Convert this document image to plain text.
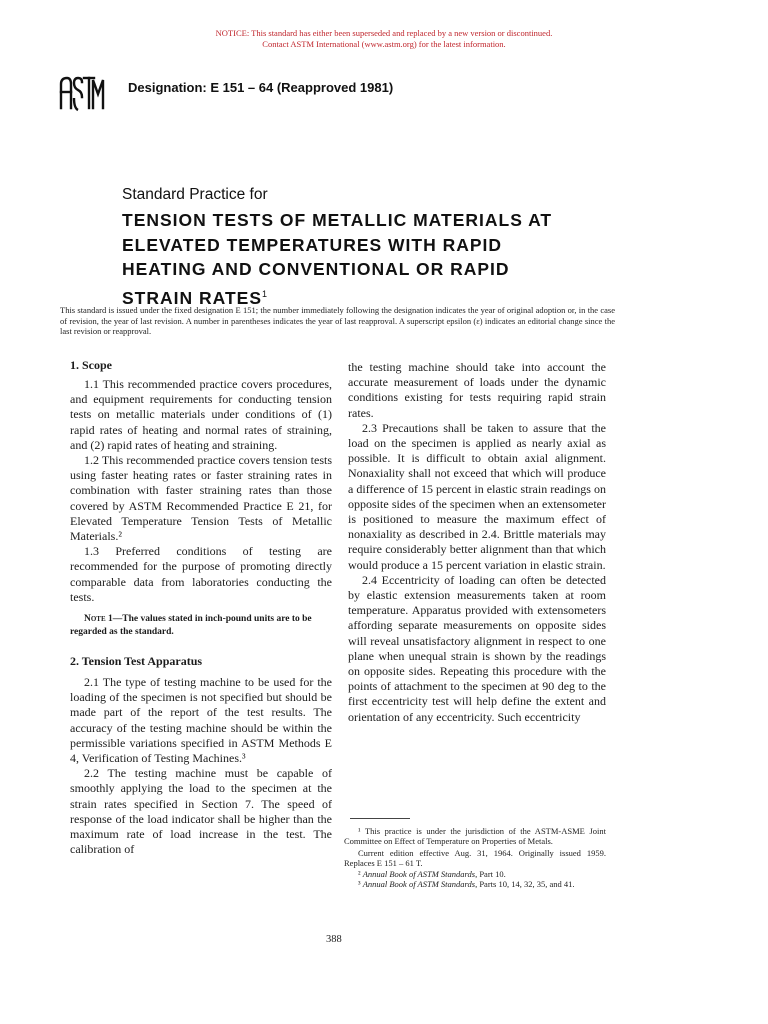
NOTICE: This standard has either been superseded and replaced by a new version or discontinued.
Contact ASTM International (www.astm.org) for the latest information.
Designation: E 151 – 64 (Reapproved 1981)
Standard Practice for
TENSION TESTS OF METALLIC MATERIALS AT
ELEVATED TEMPERATURES WITH RAPID
HEATING AND CONVENTIONAL OR RAPID
STRAIN RATES$^1$
This standard is issued under the fixed designation E 151; the number immediately following the designation indicates the year of original adoption or, in the case of revision, the year of last revision. A number in parentheses indicates the year of last reapproval. A superscript epsilon (ε) indicates an editorial change since the last revision or reapproval.
1. Scope

1.1 This recommended practice covers procedures, and equipment requirements for conducting tension tests on metallic materials under conditions of (1) rapid rates of heating and normal rates of straining, and (2) rapid rates of heating and straining.

1.2 This recommended practice covers tension tests using faster heating rates or faster straining rates in combination with faster straining rates than those covered by ASTM Recommended Practice E 21, for Elevated Temperature Tension Tests of Metallic Materials.²

1.3 Preferred conditions of testing are recommended for the purpose of promoting directly comparable data from laboratories conducting the tests.

Note 1—The values stated in inch-pound units are to be regarded as the standard.

2. Tension Test Apparatus

2.1 The type of testing machine to be used for the loading of the specimen is not specified but should be made part of the report of the test results. The accuracy of the testing machine should be within the permissible variations specified in ASTM Methods E 4, Verification of Testing Machines.³

2.2 The testing machine must be capable of smoothly applying the load to the specimen at the strain rates specified in Section 7. The speed of response of the load indicator shall be higher than the maximum rate of load increase in the test. The calibration of

the testing machine should take into account the accurate measurement of loads under the dynamic conditions existing for tests requiring rapid strain rates.

2.3 Precautions shall be taken to assure that the load on the specimen is applied as nearly axial as possible. It is difficult to obtain axial alignment. Nonaxiality shall not exceed that which will produce a difference of 15 percent in elastic strain readings on opposite sides of the specimen when an extensometer is positioned to measure the maximum effect of nonaxiality as described in 2.4. Brittle materials may require considerably better alignment than that which would produce a 15 percent variation in elastic strain.

2.4 Eccentricity of loading can often be detected by elastic extension measurements taken at room temperature. Apparatus provided with extensometers affording separate measurements on opposite sides will reveal unsatisfactory alignment in respect to one plane when unequal strain is shown by the readings on opposite sides. Repeating this procedure with the points of attachment to the specimen at 90 deg to the first eccentricity test will help define the extent and orientation of any eccentricity. Such eccentricity

¹ This practice is under the jurisdiction of the ASTM-ASME Joint Committee on Effect of Temperature on Properties of Metals.
Current edition effective Aug. 31, 1964. Originally issued 1959. Replaces E 151 – 61 T.
² Annual Book of ASTM Standards, Part 10.
³ Annual Book of ASTM Standards, Parts 10, 14, 32, 35, and 41.
388
